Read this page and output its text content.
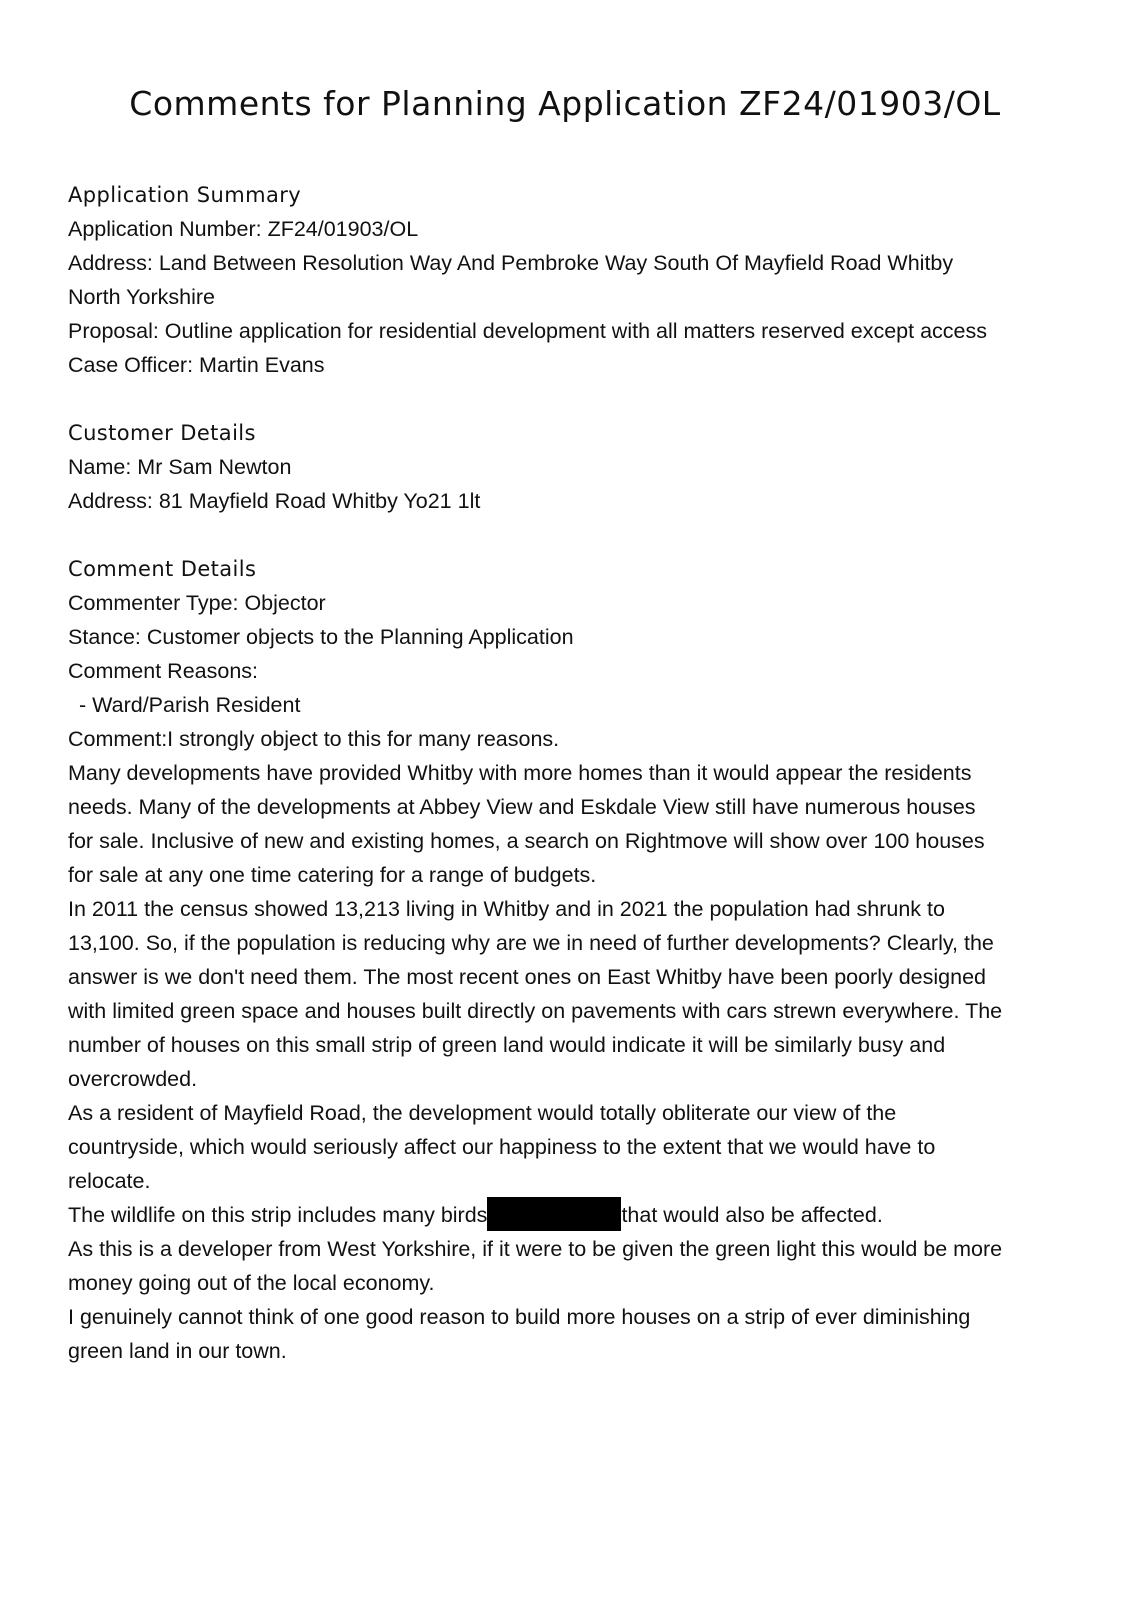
Comments for Planning Application ZF24/01903/OL
Application Summary
Application Number: ZF24/01903/OL
Address: Land Between Resolution Way And Pembroke Way South Of Mayfield Road Whitby
North Yorkshire
Proposal: Outline application for residential development with all matters reserved except access
Case Officer: Martin Evans
Customer Details
Name: Mr Sam Newton
Address: 81 Mayfield Road Whitby Yo21 1lt
Comment Details
Commenter Type: Objector
Stance: Customer objects to the Planning Application
Comment Reasons:
- Ward/Parish Resident
Comment:I strongly object to this for many reasons.
Many developments have provided Whitby with more homes than it would appear the residents
needs. Many of the developments at Abbey View and Eskdale View still have numerous houses
for sale. Inclusive of new and existing homes, a search on Rightmove will show over 100 houses
for sale at any one time catering for a range of budgets.
In 2011 the census showed 13,213 living in Whitby and in 2021 the population had shrunk to
13,100. So, if the population is reducing why are we in need of further developments? Clearly, the
answer is we don't need them. The most recent ones on East Whitby have been poorly designed
with limited green space and houses built directly on pavements with cars strewn everywhere. The
number of houses on this small strip of green land would indicate it will be similarly busy and
overcrowded.
As a resident of Mayfield Road, the development would totally obliterate our view of the
countryside, which would seriously affect our happiness to the extent that we would have to
relocate.
The wildlife on this strip includes many birds	that would also be affected.
As this is a developer from West Yorkshire, if it were to be given the green light this would be more
money going out of the local economy.
I genuinely cannot think of one good reason to build more houses on a strip of ever diminishing
green land in our town.
